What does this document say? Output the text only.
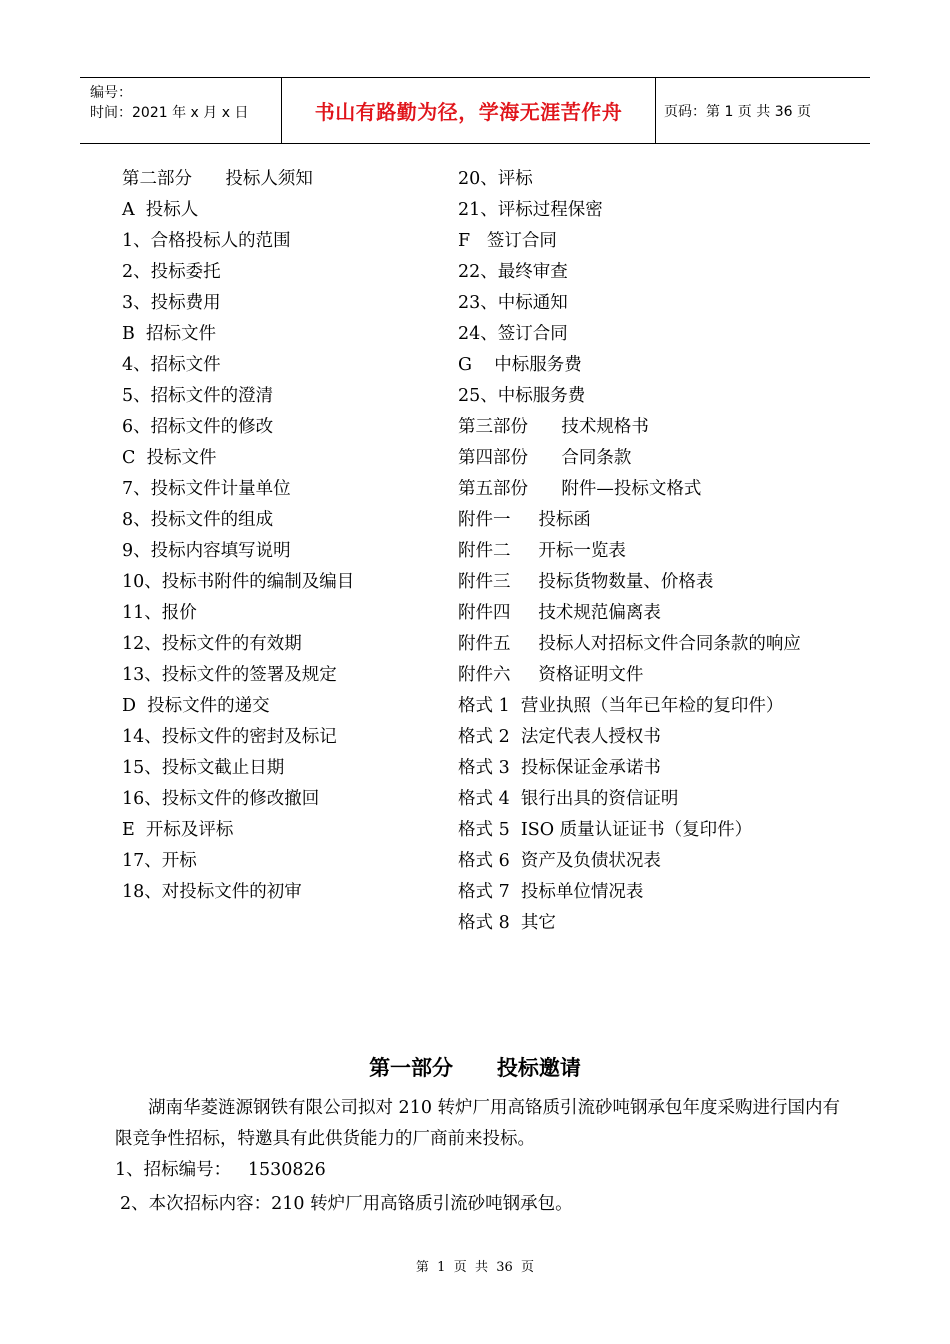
编号：
时间：2021 年 x 月 x 日	书山有路勤为径，学海无涯苦作舟	页码：第 1 页 共 36 页
第二部分      投标人须知
A  投标人
1、合格投标人的范围
2、投标委托
3、投标费用
B  招标文件
4、招标文件
5、招标文件的澄清
6、招标文件的修改
C  投标文件
7、投标文件计量单位
8、投标文件的组成
9、投标内容填写说明
10、投标书附件的编制及编目
11、报价
12、投标文件的有效期
13、投标文件的签署及规定
D  投标文件的递交
14、投标文件的密封及标记
15、投标文截止日期
16、投标文件的修改撤回
E  开标及评标
17、开标
18、对投标文件的初审
20、评标
21、评标过程保密
F   签订合同
22、最终审查
23、中标通知
24、签订合同
G    中标服务费
25、中标服务费
第三部份      技术规格书
第四部份      合同条款
第五部份      附件—投标文格式
附件一     投标函
附件二     开标一览表
附件三     投标货物数量、价格表
附件四     技术规范偏离表
附件五     投标人对招标文件合同条款的响应
附件六     资格证明文件
格式 1  营业执照（当年已年检的复印件）
格式 2  法定代表人授权书
格式 3  投标保证金承诺书
格式 4  银行出具的资信证明
格式 5  ISO 质量认证证书（复印件）
格式 6  资产及负债状况表
格式 7  投标单位情况表
格式 8  其它
第一部分      投标邀请
湖南华菱涟源钢铁有限公司拟对 210 转炉厂用高铬质引流砂吨钢承包年度采购进行国内有限竞争性招标，特邀具有此供货能力的厂商前来投标。
1、招标编号：   1530826
2、本次招标内容：210 转炉厂用高铬质引流砂吨钢承包。
第  1  页  共  36  页
